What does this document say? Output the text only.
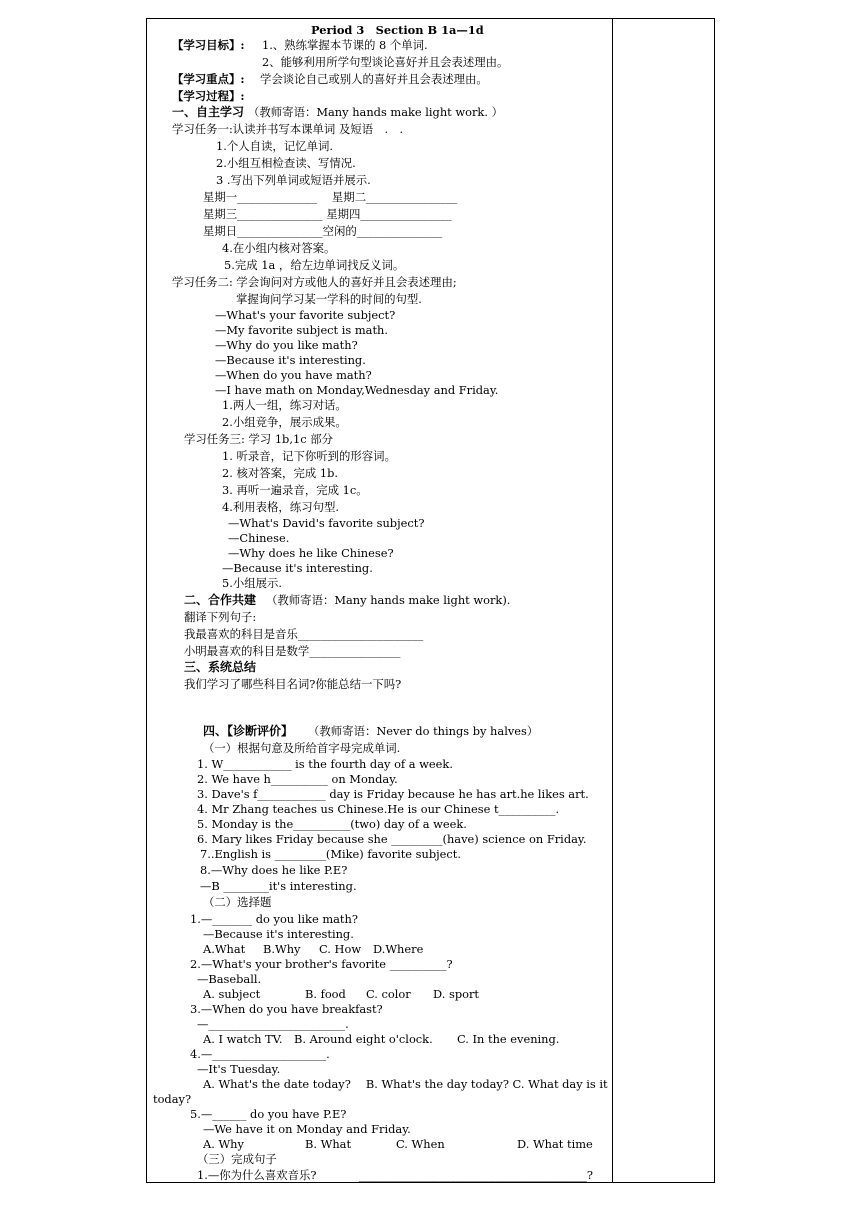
Period 3　Section B 1a—1d
【学习目标】: 1.、熟练掌握本节课的 8 个单词.
2、能够利用所学句型谈论喜好并且会表述理由。
【学习重点】: 学会谈论自己或别人的喜好并且会表述理由。
【学习过程】:
一、自主学习 （教师寄语：Many hands make light work. ）
学习任务一:认读并书写本课单词 及短语　.　.
1.个人自读，记忆单词.
2.小组互相检查读、写情况.
3 .写出下列单词或短语并展示.
星期一______________　 星期二________________
星期三_______________ 星期四________________
星期日_______________空闲的_______________
4.在小组内核对答案。
5.完成 1a ，给左边单词找反义词。
学习任务二: 学会询问对方或他人的喜好并且会表述理由;
掌握询问学习某一学科的时间的句型.
—What's your favorite subject?
—My favorite subject is math.
—Why do you like math?
—Because it's interesting.
—When do you have math?
—I have math on Monday,Wednesday and Friday.
1.两人一组，练习对话。
2.小组竞争，展示成果。
学习任务三: 学习 1b,1c 部分
1. 听录音，记下你听到的形容词。
2. 核对答案，完成 1b.
3. 再听一遍录音，完成 1c。
4.利用表格，练习句型.
—What's David's favorite subject?
—Chinese.
—Why does he like Chinese?
—Because it's interesting.
5.小组展示.
二、合作共建 （教师寄语：Many hands make light work).
翻译下列句子:
我最喜欢的科目是音乐______________________
小明最喜欢的科目是数学________________
三、系统总结
我们学习了哪些科目名词?你能总结一下吗?
四、【诊断评价】 （教师寄语：Never do things by halves）
（一）根据句意及所给首字母完成单词.
1. W____________ is the fourth day of a week.
2. We have h__________ on Monday.
3. Dave's f____________ day is Friday because he has art.he likes art.
4. Mr Zhang teaches us Chinese.He is our Chinese t__________.
5. Monday is the__________(two) day of a week.
6. Mary likes Friday because she _________(have) science on Friday.
7..English is _________(Mike) favorite subject.
8.—Why does he like P.E?
—B ________it's interesting.
（二）选择题
1.—_______ do you like math?
—Because it's interesting.
A.What B.Why C. How D.Where
2.—What's your brother's favorite __________?
—Baseball.
A. subject	B. food C. color D. sport
3.—When do you have breakfast?
—________________________.
A. I watch TV. B. Around eight o'clock. C. In the evening.
4.—____________________.
—It's Tuesday.
A. What's the date today?　 B. What's the day today? C. What day is it
today?
5.—______ do you have P.E?
—We have it on Monday and Friday.
A. Why	B. What	C. When	D. What time
（三）完成句子
1.—你为什么喜欢音乐?	________________________________________?
